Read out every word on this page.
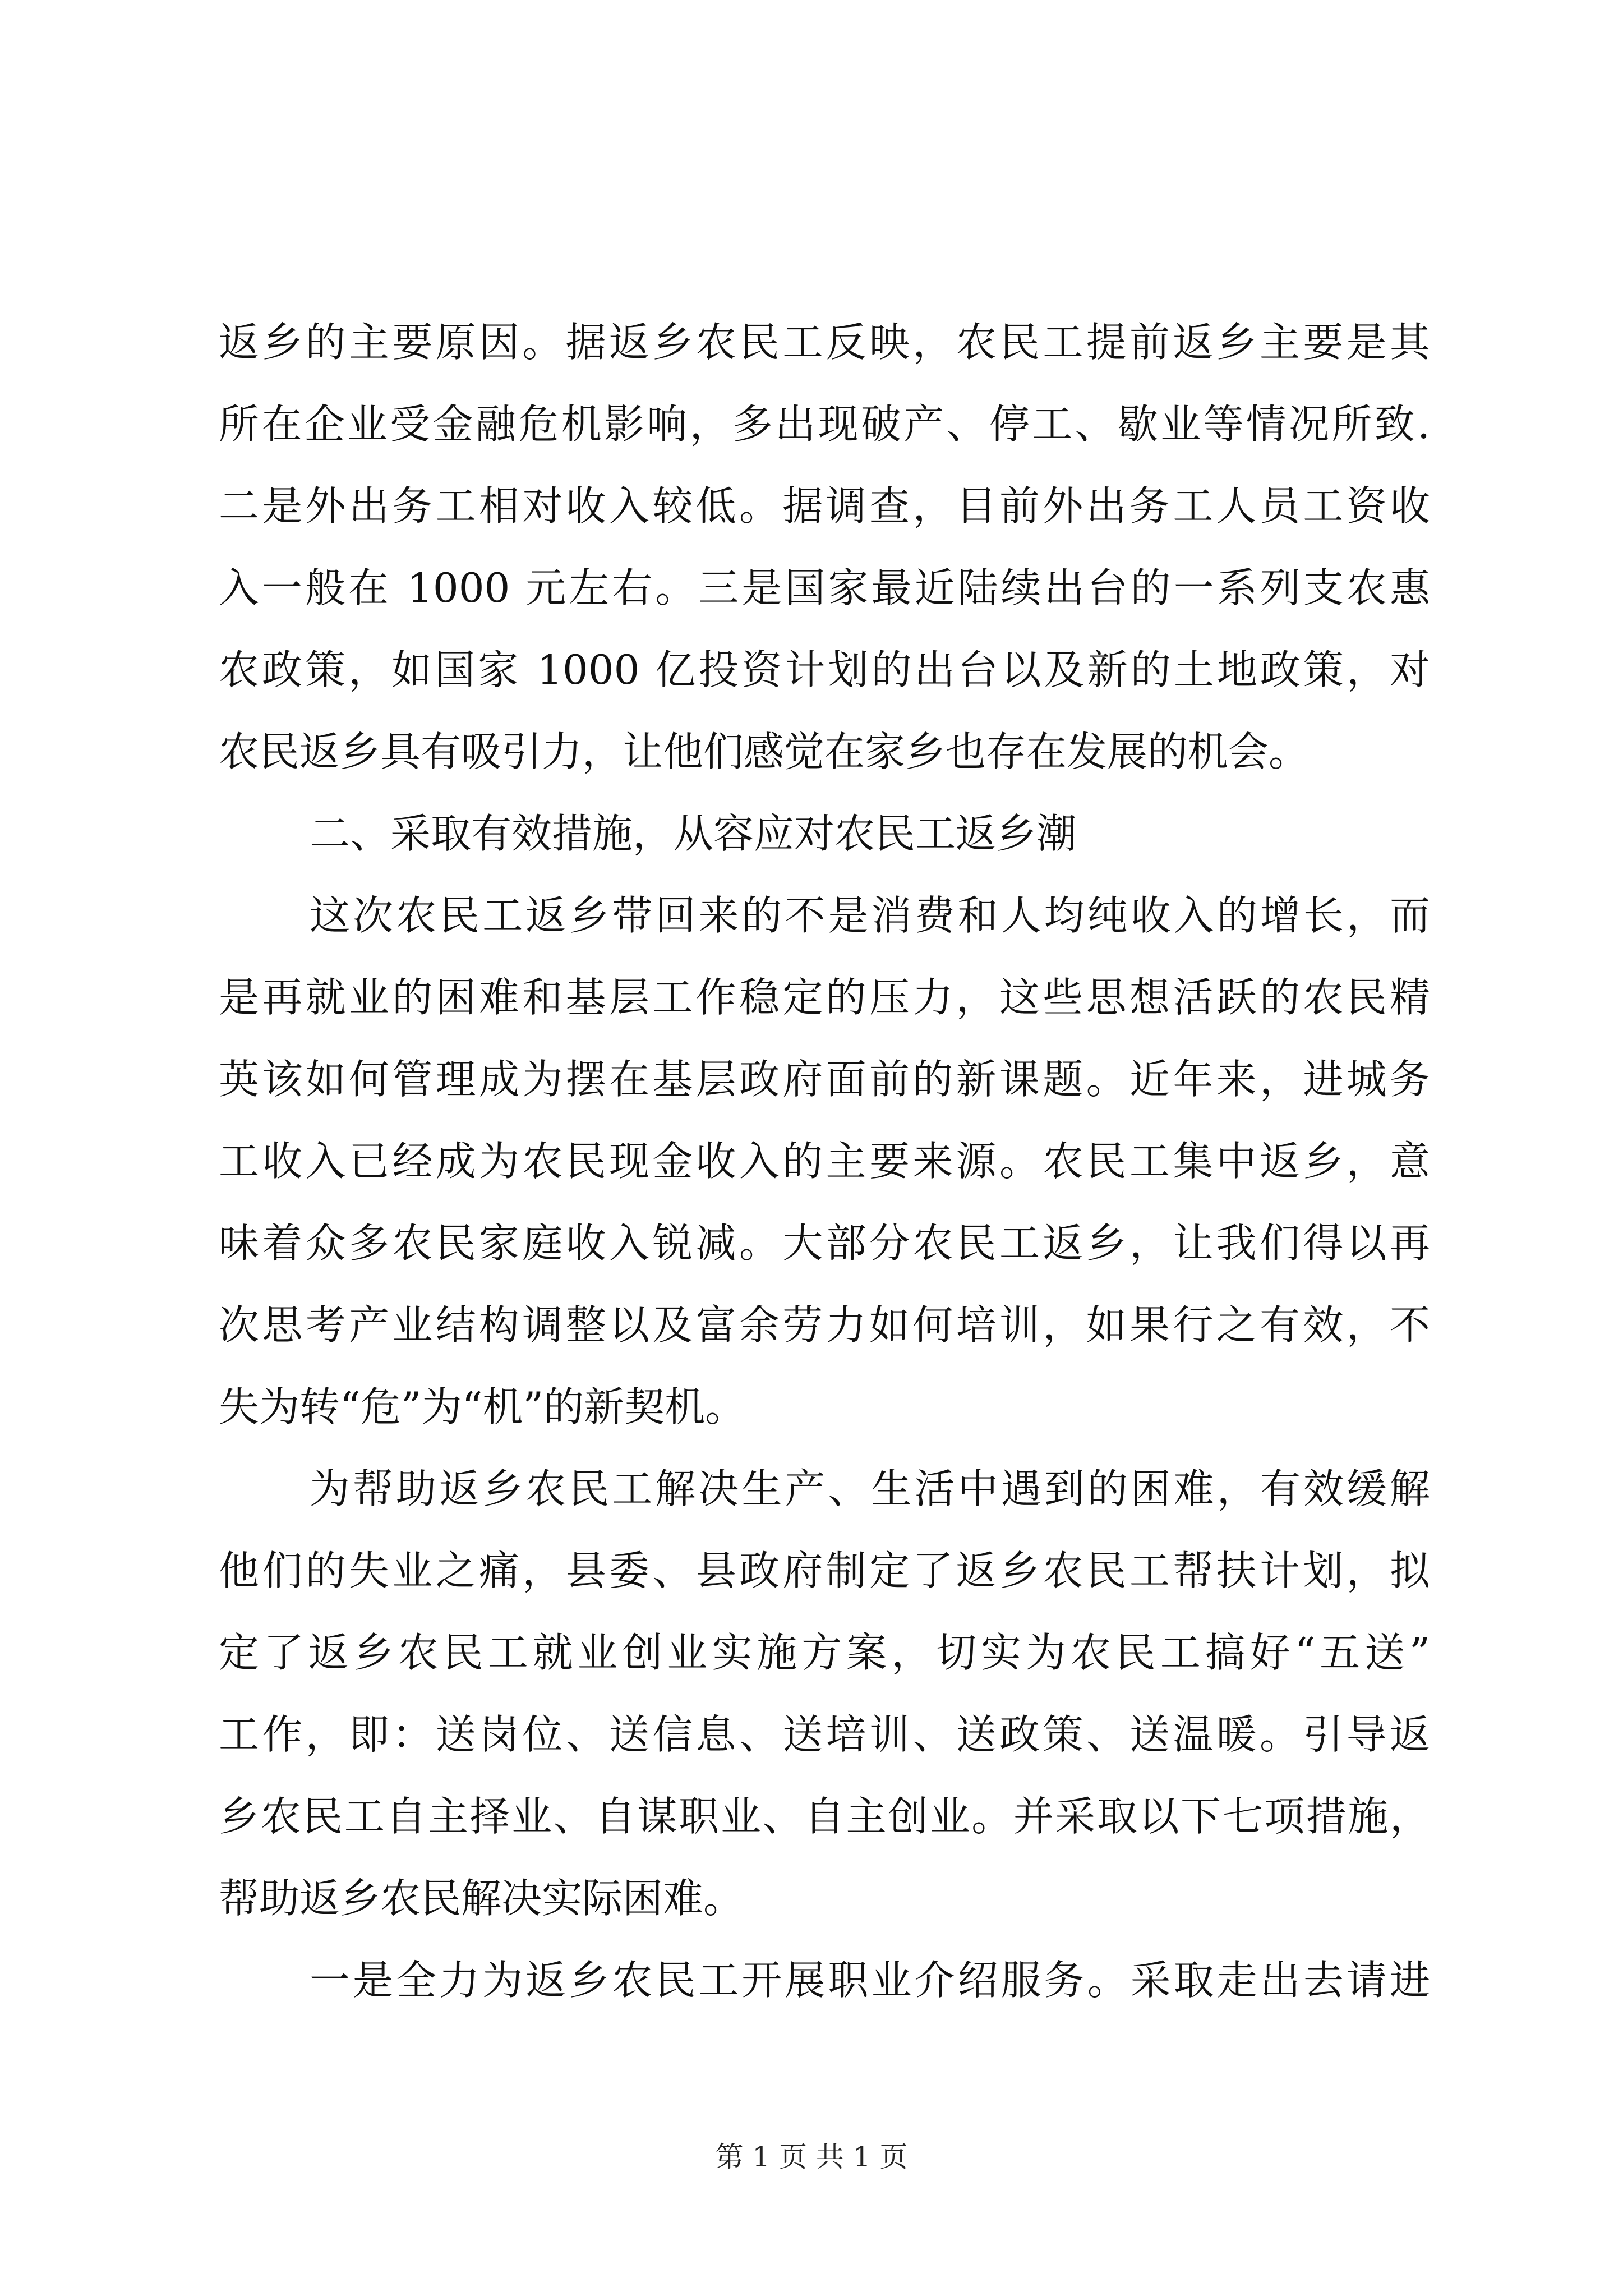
返乡的主要原因。据返乡农民工反映，农民工提前返乡主要是其
所在企业受金融危机影响，多出现破产、停工、歇业等情况所致.
二是外出务工相对收入较低。据调查，目前外出务工人员工资收
入一般在 1000 元左右。三是国家最近陆续出台的一系列支农惠
农政策，如国家 1000 亿投资计划的出台以及新的土地政策，对
农民返乡具有吸引力，让他们感觉在家乡也存在发展的机会。
二、采取有效措施，从容应对农民工返乡潮
这次农民工返乡带回来的不是消费和人均纯收入的增长，而
是再就业的困难和基层工作稳定的压力，这些思想活跃的农民精
英该如何管理成为摆在基层政府面前的新课题。近年来，进城务
工收入已经成为农民现金收入的主要来源。农民工集中返乡，意
味着众多农民家庭收入锐减。大部分农民工返乡，让我们得以再
次思考产业结构调整以及富余劳力如何培训，如果行之有效，不
失为转“危”为“机”的新契机。
为帮助返乡农民工解决生产、生活中遇到的困难，有效缓解
他们的失业之痛，县委、县政府制定了返乡农民工帮扶计划，拟
定了返乡农民工就业创业实施方案，切实为农民工搞好“五送”
工作，即：送岗位、送信息、送培训、送政策、送温暖。引导返
乡农民工自主择业、自谋职业、自主创业。并采取以下七项措施，
帮助返乡农民解决实际困难。
一是全力为返乡农民工开展职业介绍服务。采取走出去请进
第 1 页 共 1 页
